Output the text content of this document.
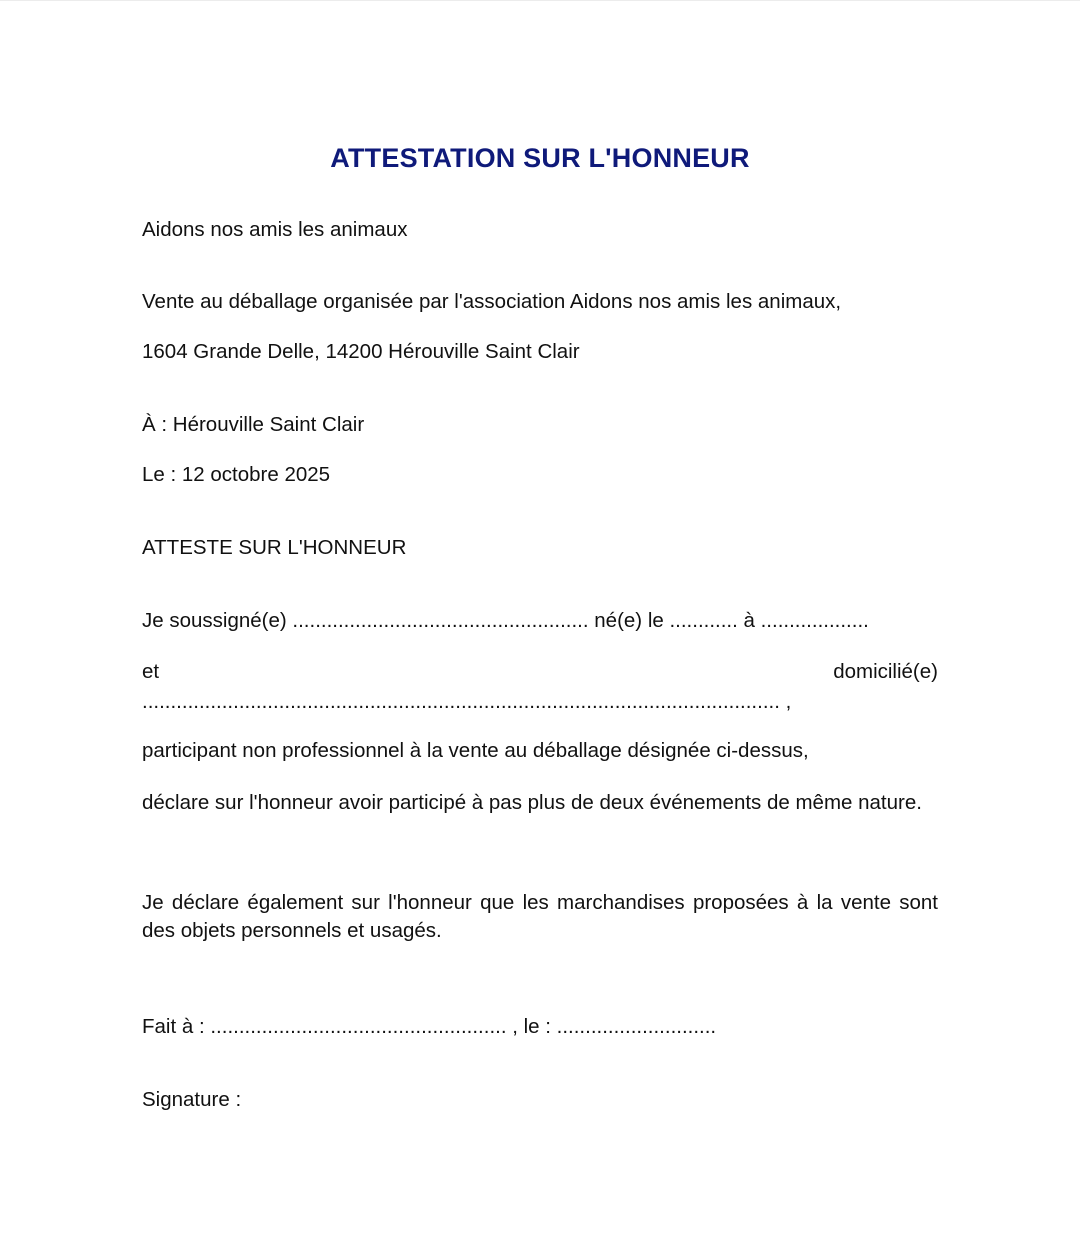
ATTESTATION SUR L'HONNEUR
Aidons nos amis les animaux
Vente au déballage organisée par l'association Aidons nos amis les animaux,
1604 Grande Delle, 14200 Hérouville Saint Clair
À : Hérouville Saint Clair
Le : 12 octobre 2025
ATTESTE SUR L'HONNEUR
Je soussigné(e) .................................................... né(e) le ............ à ...................
et	domicilié(e)
................................................................................................................ ,
participant non professionnel à la vente au déballage désignée ci-dessus,
déclare sur l'honneur avoir participé à pas plus de deux événements de même nature.
Je déclare également sur l'honneur que les marchandises proposées à la vente sont des objets personnels et usagés.
Fait à : .................................................... , le : ............................
Signature :
